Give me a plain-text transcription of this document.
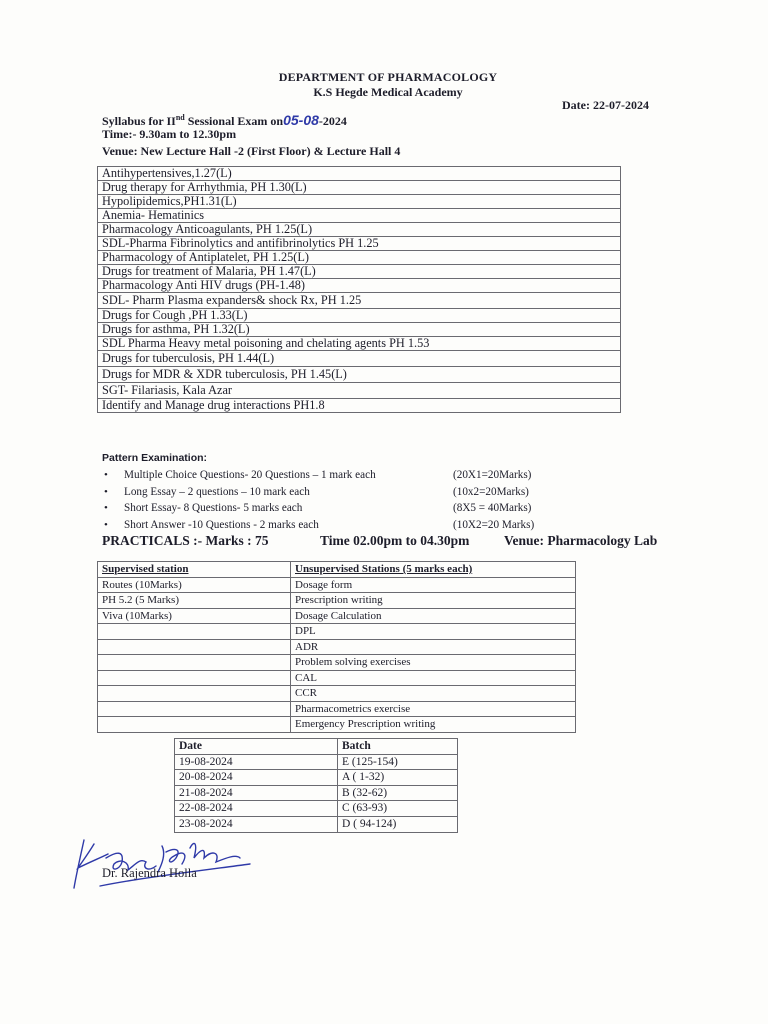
DEPARTMENT OF PHARMACOLOGY
K.S Hegde Medical Academy
Date: 22-07-2024
Syllabus for IInd Sessional Exam on05-08-2024
Time:- 9.30am to 12.30pm
Venue: New Lecture Hall -2 (First Floor) & Lecture Hall 4
Antihypertensives,1.27(L)
Drug therapy for Arrhythmia, PH 1.30(L)
Hypolipidemics,PH1.31(L)
Anemia- Hematinics
Pharmacology Anticoagulants, PH 1.25(L)
SDL-Pharma Fibrinolytics and antifibrinolytics PH 1.25
Pharmacology of Antiplatelet, PH 1.25(L)
Drugs for treatment of Malaria, PH 1.47(L)
Pharmacology Anti HIV drugs (PH-1.48)
SDL- Pharm Plasma expanders& shock Rx, PH 1.25
Drugs for Cough ,PH 1.33(L)
Drugs for asthma, PH 1.32(L)
SDL Pharma Heavy metal poisoning and chelating agents PH 1.53
Drugs for tuberculosis, PH 1.44(L)
Drugs for MDR & XDR tuberculosis, PH 1.45(L)
SGT- Filariasis, Kala Azar
Identify and Manage drug interactions PH1.8
Pattern Examination:
• Multiple Choice Questions- 20 Questions – 1 mark each	(20X1=20Marks)
• Long Essay – 2 questions – 10 mark each	(10x2=20Marks)
• Short Essay- 8 Questions- 5 marks each	(8X5 = 40Marks)
• Short Answer -10 Questions - 2 marks each	(10X2=20 Marks)
PRACTICALS :- Marks : 75	Time 02.00pm to 04.30pm	Venue: Pharmacology Lab
Supervised station	Unsupervised Stations (5 marks each)
Routes (10Marks)	Dosage form
PH 5.2 (5 Marks)	Prescription writing
Viva (10Marks)	Dosage Calculation
	DPL
	ADR
	Problem solving exercises
	CAL
	CCR
	Pharmacometrics exercise
	Emergency Prescription writing
Date	Batch
19-08-2024	E (125-154)
20-08-2024	A ( 1-32)
21-08-2024	B (32-62)
22-08-2024	C (63-93)
23-08-2024	D ( 94-124)
Dr. Rajendra Holla
